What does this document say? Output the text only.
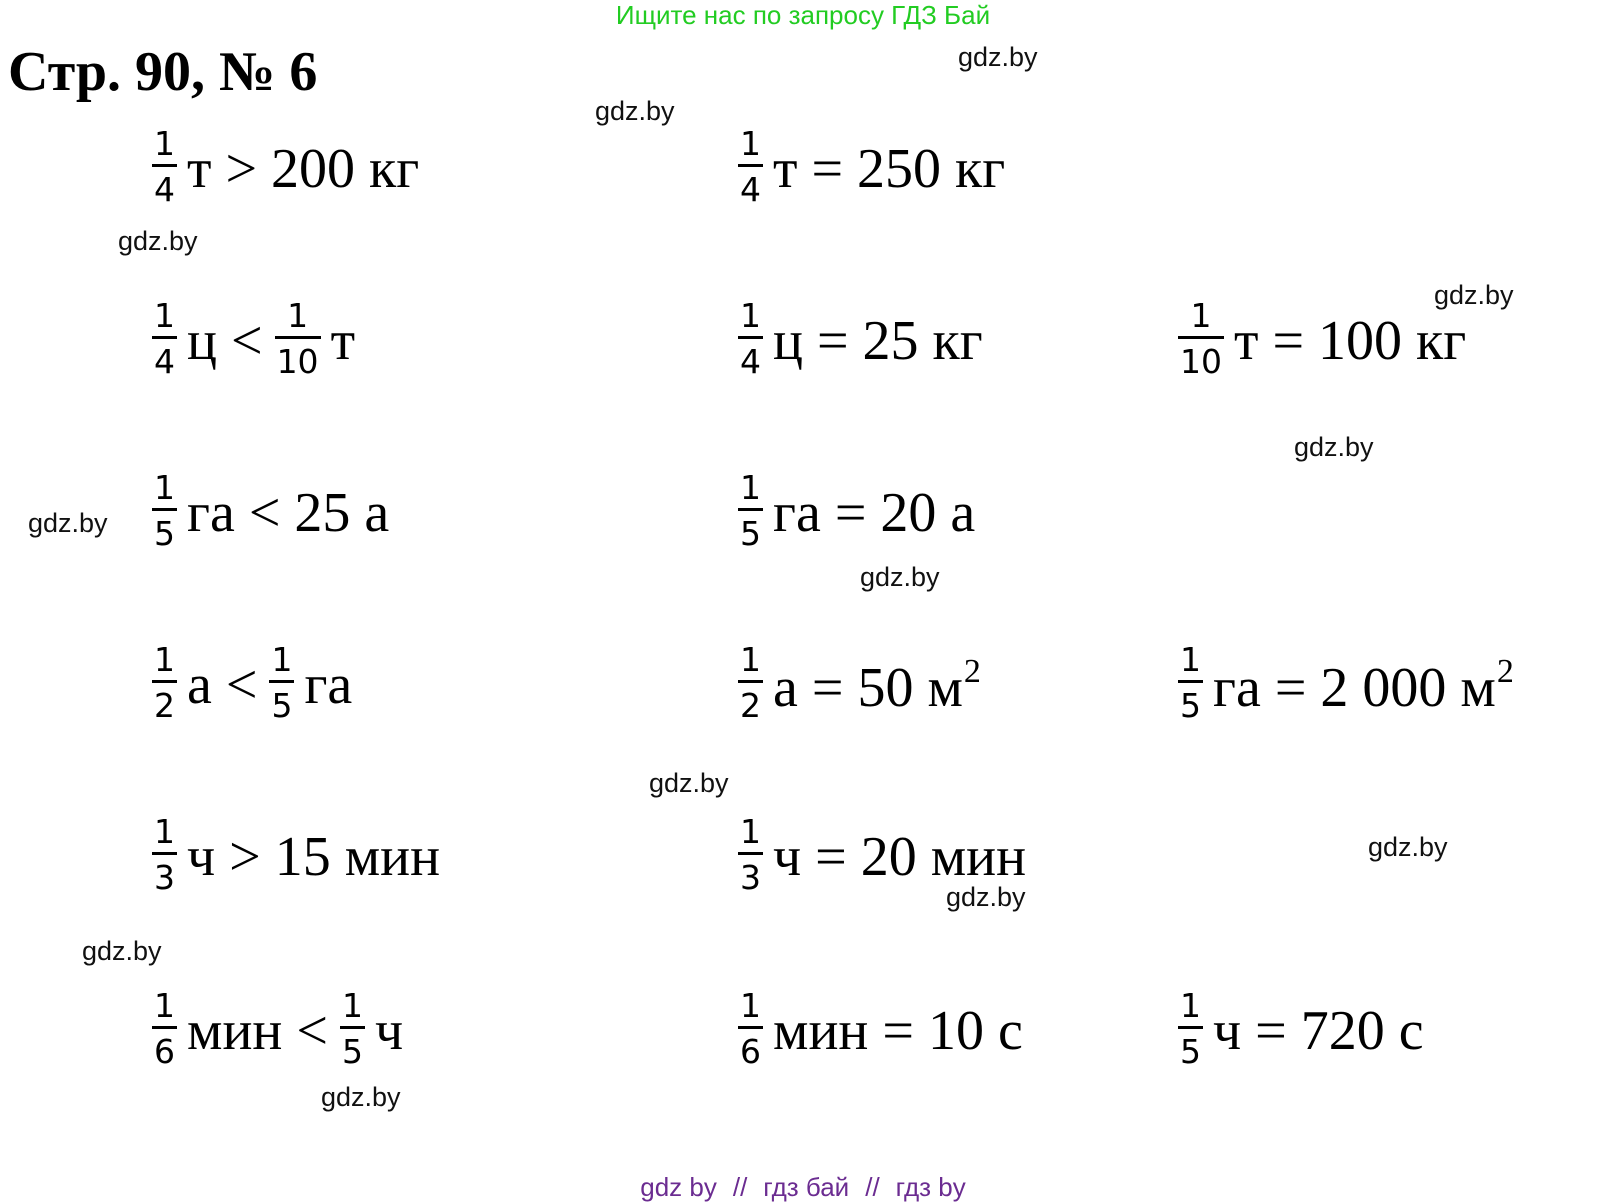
Ищите нас по запросу ГДЗ Бай
Стр. 90, № 6	gdz.by
gdz.by
gdz.by
gdz.by
gdz.by
gdz.by
gdz.by
gdz.by
gdz.by
gdz.by
gdz.by
gdz.by
$\frac{1}{4}$ т > 200 кг	$\frac{1}{4}$ т = 250 кг
$\frac{1}{4}$ $ц < \frac{1}{10}$ т	$\frac{1}{4}$ ц = 25 кг	$\frac{1}{10}$ т = 100 кг
$\frac{1}{5}$ га < 25 а	$\frac{1}{5}$ га = 20 а
$\frac{1}{2}$ $а < \frac{1}{5}$ га	$\frac{1}{2}$ а = 50 $м^2$	$\frac{1}{5}$ га = 2 000 $м^2$
$\frac{1}{3}$ ч > 15 мин	$\frac{1}{3}$ ч = 20 мин
$\frac{1}{6}$ мин < $\frac{1}{5}$ ч	$\frac{1}{6}$ мин = 10 с	$\frac{1}{5}$ ч = 720 с
gdz by // гдз бай // гдз by
